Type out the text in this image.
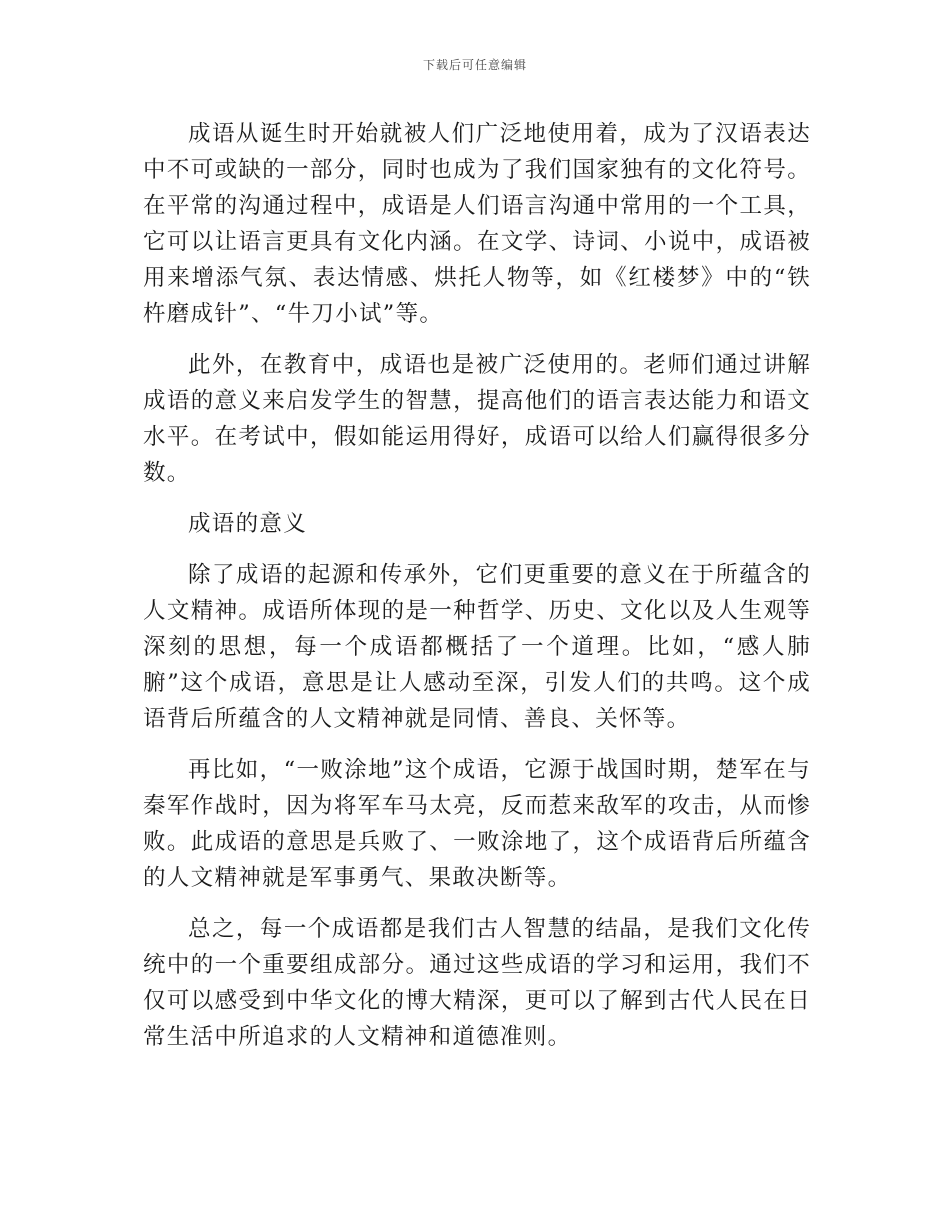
下载后可任意编辑

成语从诞生时开始就被人们广泛地使用着，成为了汉语表达中不可或缺的一部分，同时也成为了我们国家独有的文化符号。在平常的沟通过程中，成语是人们语言沟通中常用的一个工具，它可以让语言更具有文化内涵。在文学、诗词、小说中，成语被用来增添气氛、表达情感、烘托人物等，如《红楼梦》中的“铁杵磨成针”、“牛刀小试”等。

此外，在教育中，成语也是被广泛使用的。老师们通过讲解成语的意义来启发学生的智慧，提高他们的语言表达能力和语文水平。在考试中，假如能运用得好，成语可以给人们赢得很多分数。

成语的意义

除了成语的起源和传承外，它们更重要的意义在于所蕴含的人文精神。成语所体现的是一种哲学、历史、文化以及人生观等深刻的思想，每一个成语都概括了一个道理。比如，“感人肺腑”这个成语，意思是让人感动至深，引发人们的共鸣。这个成语背后所蕴含的人文精神就是同情、善良、关怀等。

再比如，“一败涂地”这个成语，它源于战国时期，楚军在与秦军作战时，因为将军车马太亮，反而惹来敌军的攻击，从而惨败。此成语的意思是兵败了、一败涂地了，这个成语背后所蕴含的人文精神就是军事勇气、果敢决断等。

总之，每一个成语都是我们古人智慧的结晶，是我们文化传统中的一个重要组成部分。通过这些成语的学习和运用，我们不仅可以感受到中华文化的博大精深，更可以了解到古代人民在日常生活中所追求的人文精神和道德准则。
